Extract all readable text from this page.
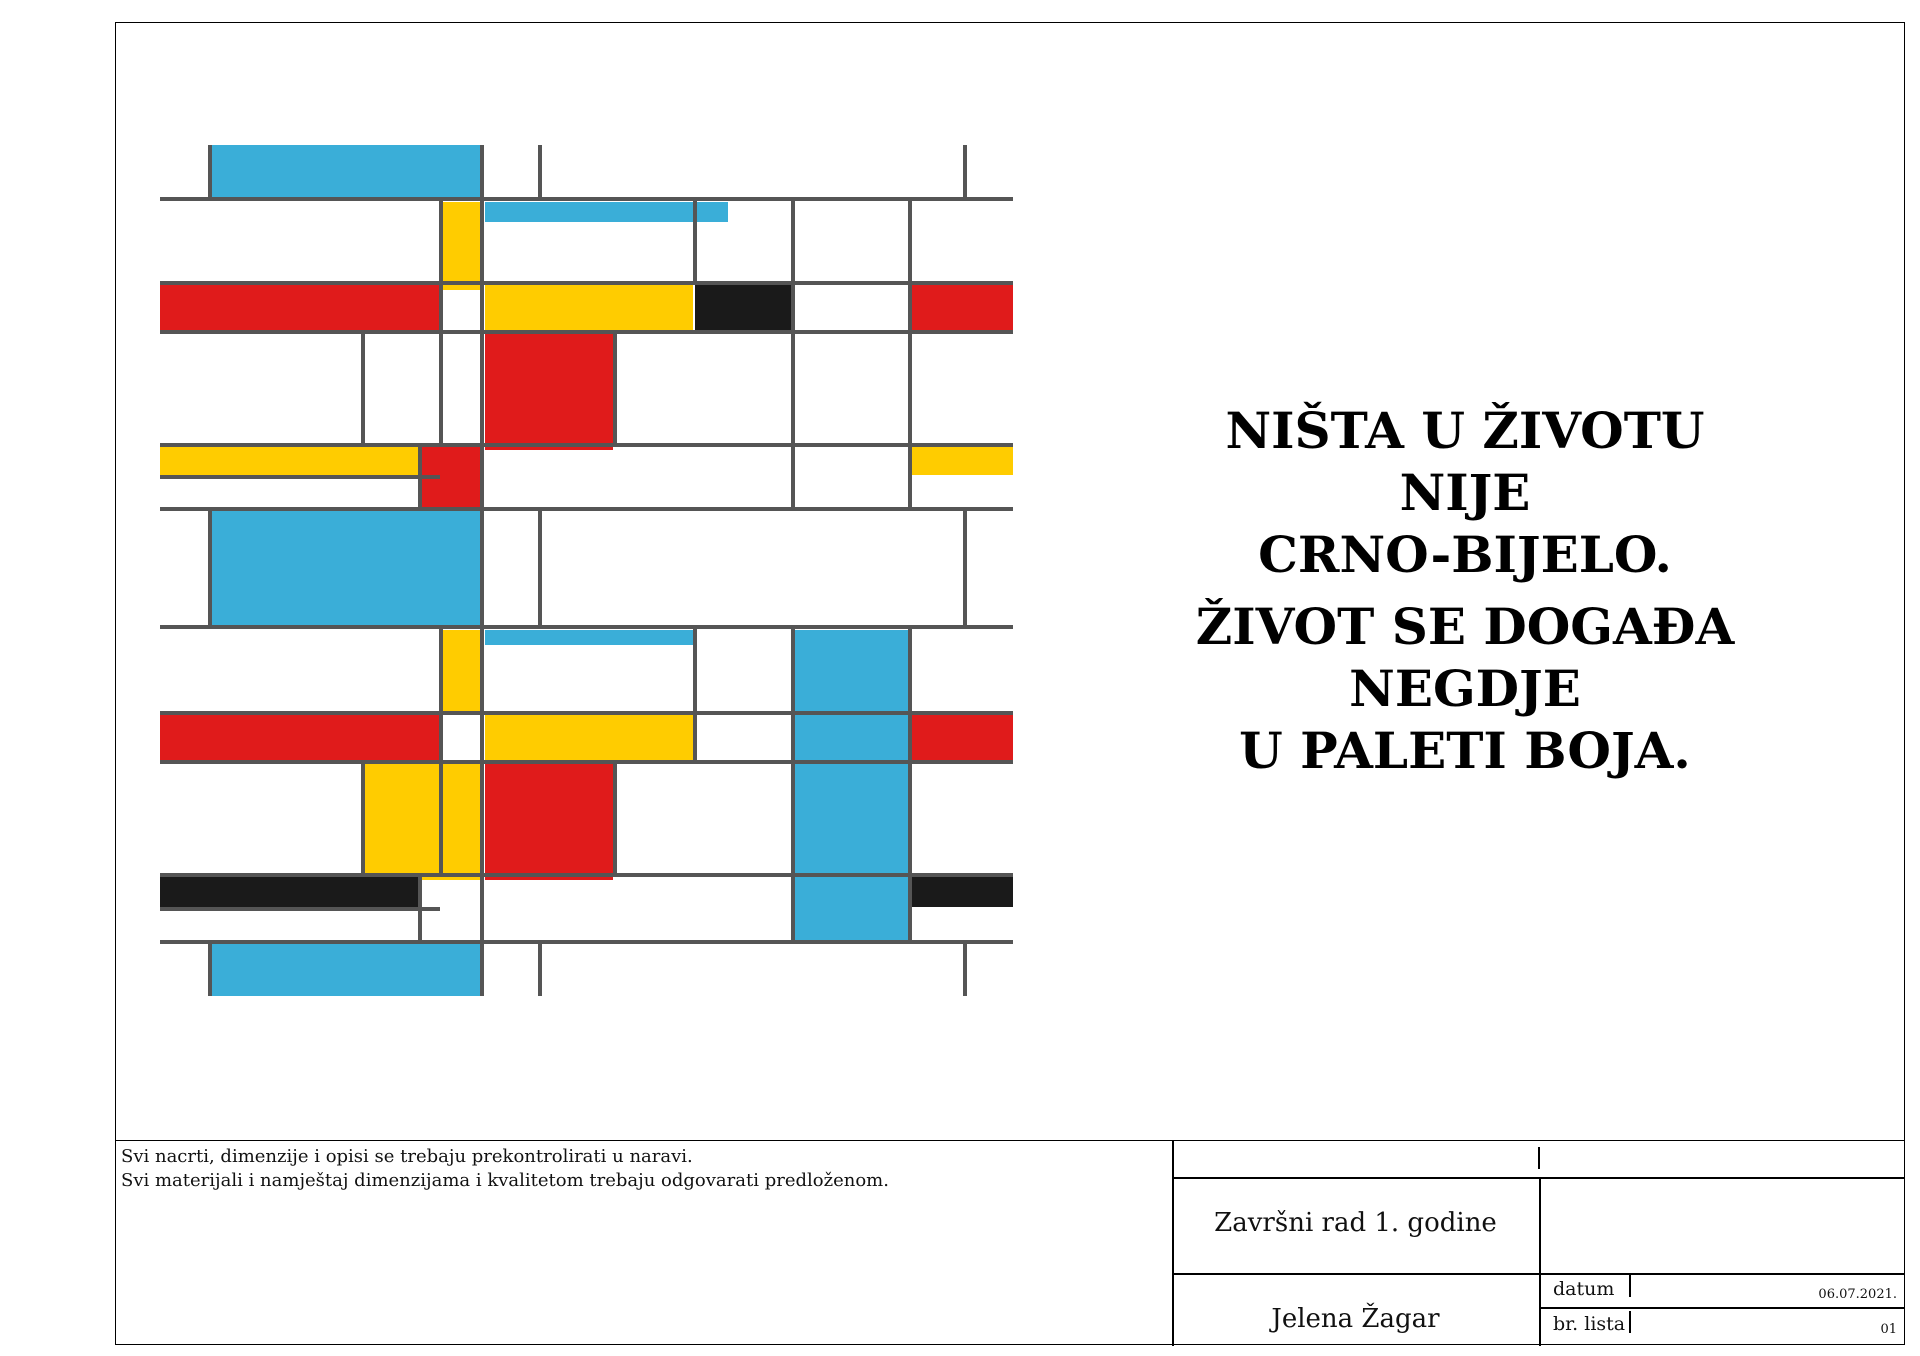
NIŠTA U ŽIVOTU
NIJE
CRNO-BIJELO.
ŽIVOT SE DOGAĐA
NEGDJE
U PALETI BOJA.
Svi nacrti, dimenzije i opisi se trebaju prekontrolirati u naravi.
Svi materijali i namještaj dimenzijama i kvalitetom trebaju odgovarati predloženom.
Završni rad 1. godine
Jelena Žagar
datum	06.07.2021.
br. lista	01
